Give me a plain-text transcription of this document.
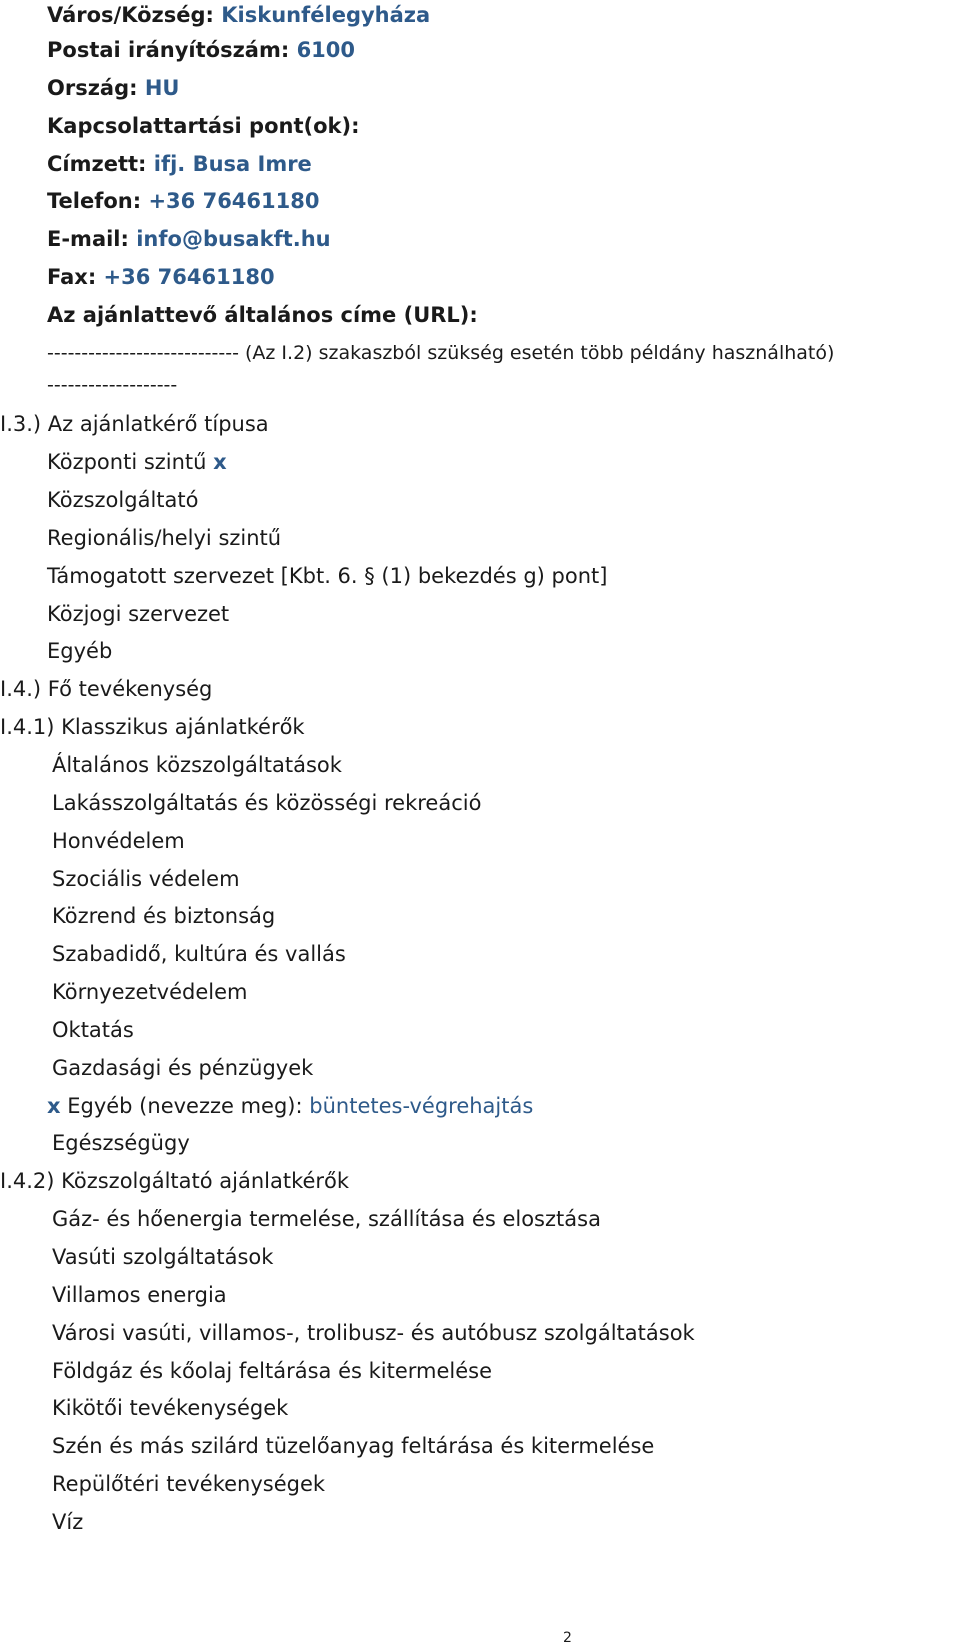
Város/Község: Kiskunfélegyháza
Postai irányítószám: 6100
Ország: HU
Kapcsolattartási pont(ok):
Címzett: ifj. Busa Imre
Telefon: +36 76461180
E-mail: info@busakft.hu
Fax: +36 76461180
Az ajánlattevő általános címe (URL):
---------------------------- (Az I.2) szakaszból szükség esetén több példány használható)
-------------------
I.3.) Az ajánlatkérő típusa
Központi szintű x
Közszolgáltató
Regionális/helyi szintű
Támogatott szervezet [Kbt. 6. § (1) bekezdés g) pont]
Közjogi szervezet
Egyéb
I.4.) Fő tevékenység
I.4.1) Klasszikus ajánlatkérők
Általános közszolgáltatások
Lakásszolgáltatás és közösségi rekreáció
Honvédelem
Szociális védelem
Közrend és biztonság
Szabadidő, kultúra és vallás
Környezetvédelem
Oktatás
Gazdasági és pénzügyek
x Egyéb (nevezze meg): büntetes-végrehajtás
Egészségügy
I.4.2) Közszolgáltató ajánlatkérők
Gáz- és hőenergia termelése, szállítása és elosztása
Vasúti szolgáltatások
Villamos energia
Városi vasúti, villamos-, trolibusz- és autóbusz szolgáltatások
Földgáz és kőolaj feltárása és kitermelése
Kikötői tevékenységek
Szén és más szilárd tüzelőanyag feltárása és kitermelése
Repülőtéri tevékenységek
Víz
2
